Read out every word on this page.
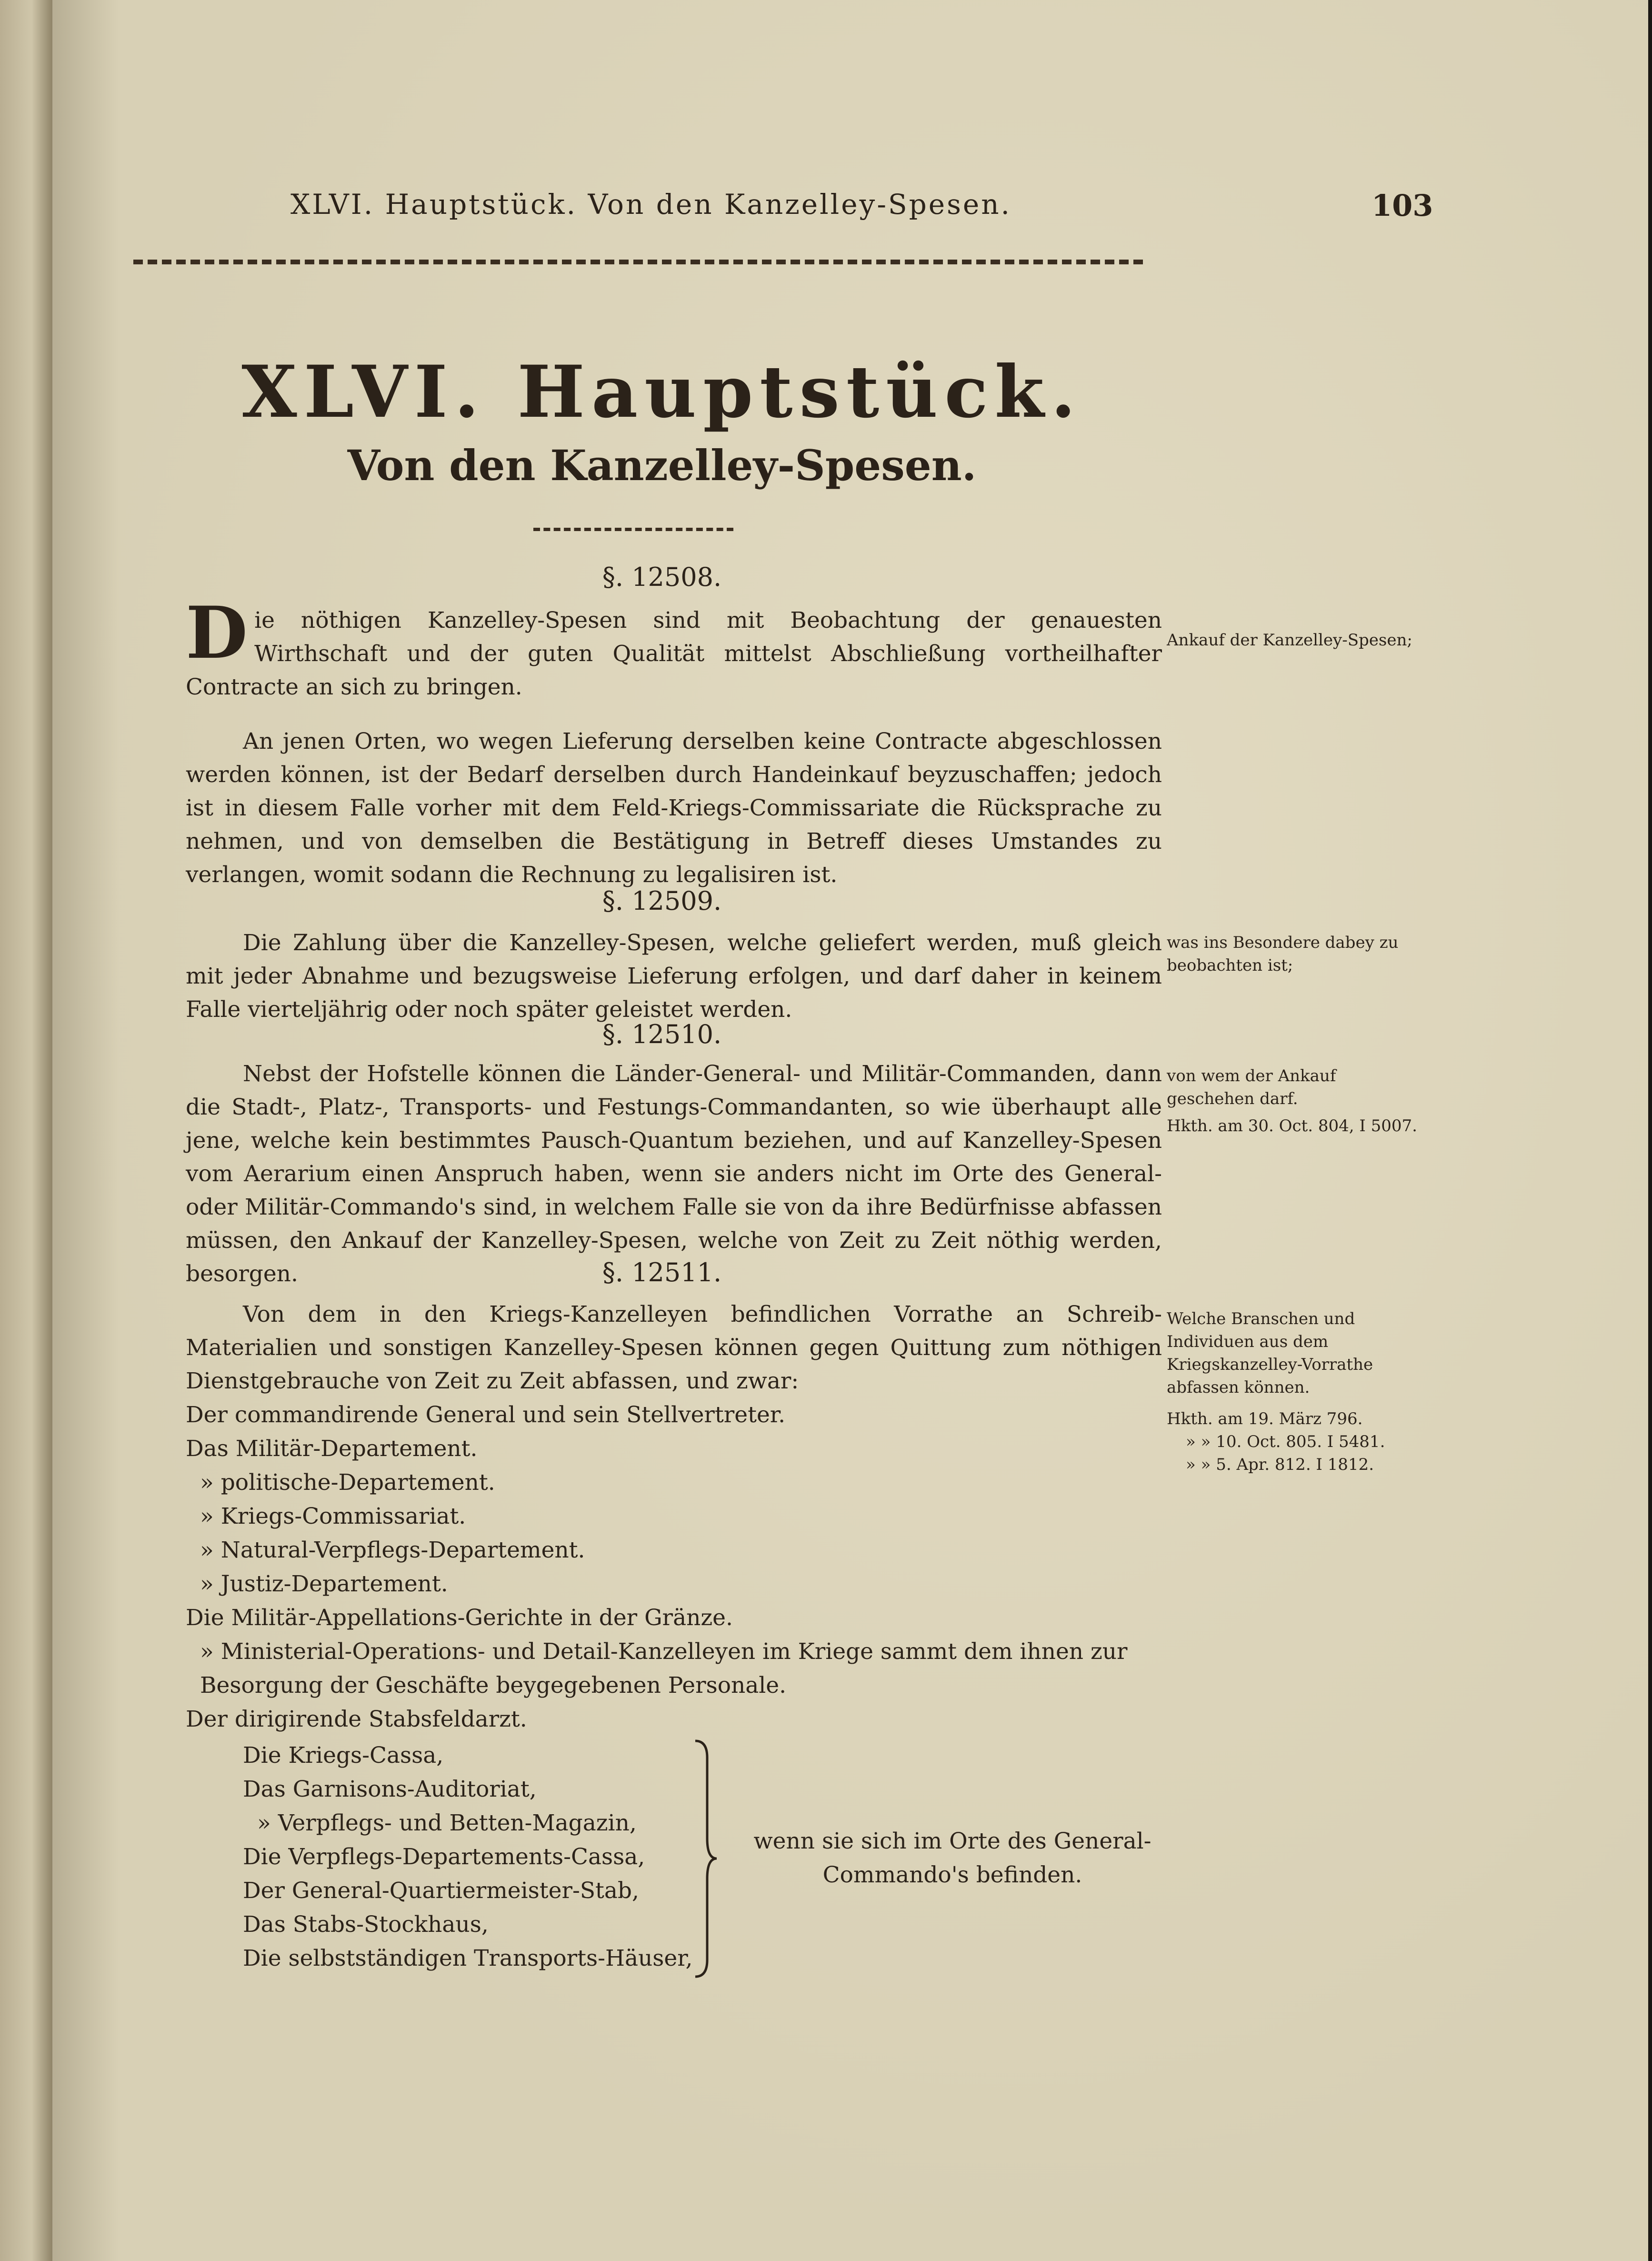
XLVI. Hauptstück. Von den Kanzelley-Spesen.	103
XLVI. Hauptstück.
Von den Kanzelley-Spesen.
§. 12508.

Die nöthigen Kanzelley-Spesen sind mit Beobachtung der genauesten Wirthschaft und der guten Qualität mittelst Abschließung vortheilhafter Contracte an sich zu bringen.

An jenen Orten, wo wegen Lieferung derselben keine Contracte abgeschlossen werden können, ist der Bedarf derselben durch Handeinkauf beyzuschaffen; jedoch ist in diesem Falle vorher mit dem Feld-Kriegs-Commissariate die Rücksprache zu nehmen, und von demselben die Bestätigung in Betreff dieses Umstandes zu verlangen, womit sodann die Rechnung zu legalisiren ist.

Ankauf der Kanzelley-Spesen;

§. 12509.

Die Zahlung über die Kanzelley-Spesen, welche geliefert werden, muß gleich mit jeder Abnahme und bezugsweise Lieferung erfolgen, und darf daher in keinem Falle vierteljährig oder noch später geleistet werden.

was ins Besondere dabey zu beobachten ist;

§. 12510.

Nebst der Hofstelle können die Länder-General- und Militär-Commanden, dann die Stadt-, Platz-, Transports- und Festungs-Commandanten, so wie überhaupt alle jene, welche kein bestimmtes Pausch-Quantum beziehen, und auf Kanzelley-Spesen vom Aerarium einen Anspruch haben, wenn sie anders nicht im Orte des General- oder Militär-Commando's sind, in welchem Falle sie von da ihre Bedürfnisse abfassen müssen, den Ankauf der Kanzelley-Spesen, welche von Zeit zu Zeit nöthig werden, besorgen.

von wem der Ankauf geschehen darf.

Hkth. am 30. Oct. 804, I 5007.

§. 12511.

Von dem in den Kriegs-Kanzelleyen befindlichen Vorrathe an Schreib-Materialien und sonstigen Kanzelley-Spesen können gegen Quittung zum nöthigen Dienstgebrauche von Zeit zu Zeit abfassen, und zwar:

Welche Branschen und Individuen aus dem Kriegskanzelley-Vorrathe abfassen können.

Hkth. am 19. März 796.
» » 10. Oct. 805. I 5481.
» » 5. Apr. 812. I 1812.
Der commandirende General und sein Stellvertreter.
Das Militär-Departement.
» politische-Departement.
» Kriegs-Commissariat.
» Natural-Verpflegs-Departement.
» Justiz-Departement.
Die Militär-Appellations-Gerichte in der Gränze.
» Ministerial-Operations- und Detail-Kanzelleyen im Kriege sammt dem ihnen zur Besorgung der Geschäfte beygegebenen Personale.
Der dirigirende Stabsfeldarzt.
Die Kriegs-Cassa,
Das Garnisons-Auditoriat,
» Verpflegs- und Betten-Magazin,
Die Verpflegs-Departements-Cassa,
Der General-Quartiermeister-Stab,
Das Stabs-Stockhaus,
Die selbstständigen Transports-Häuser,
wenn sie sich im Orte des General-Commando's befinden.
